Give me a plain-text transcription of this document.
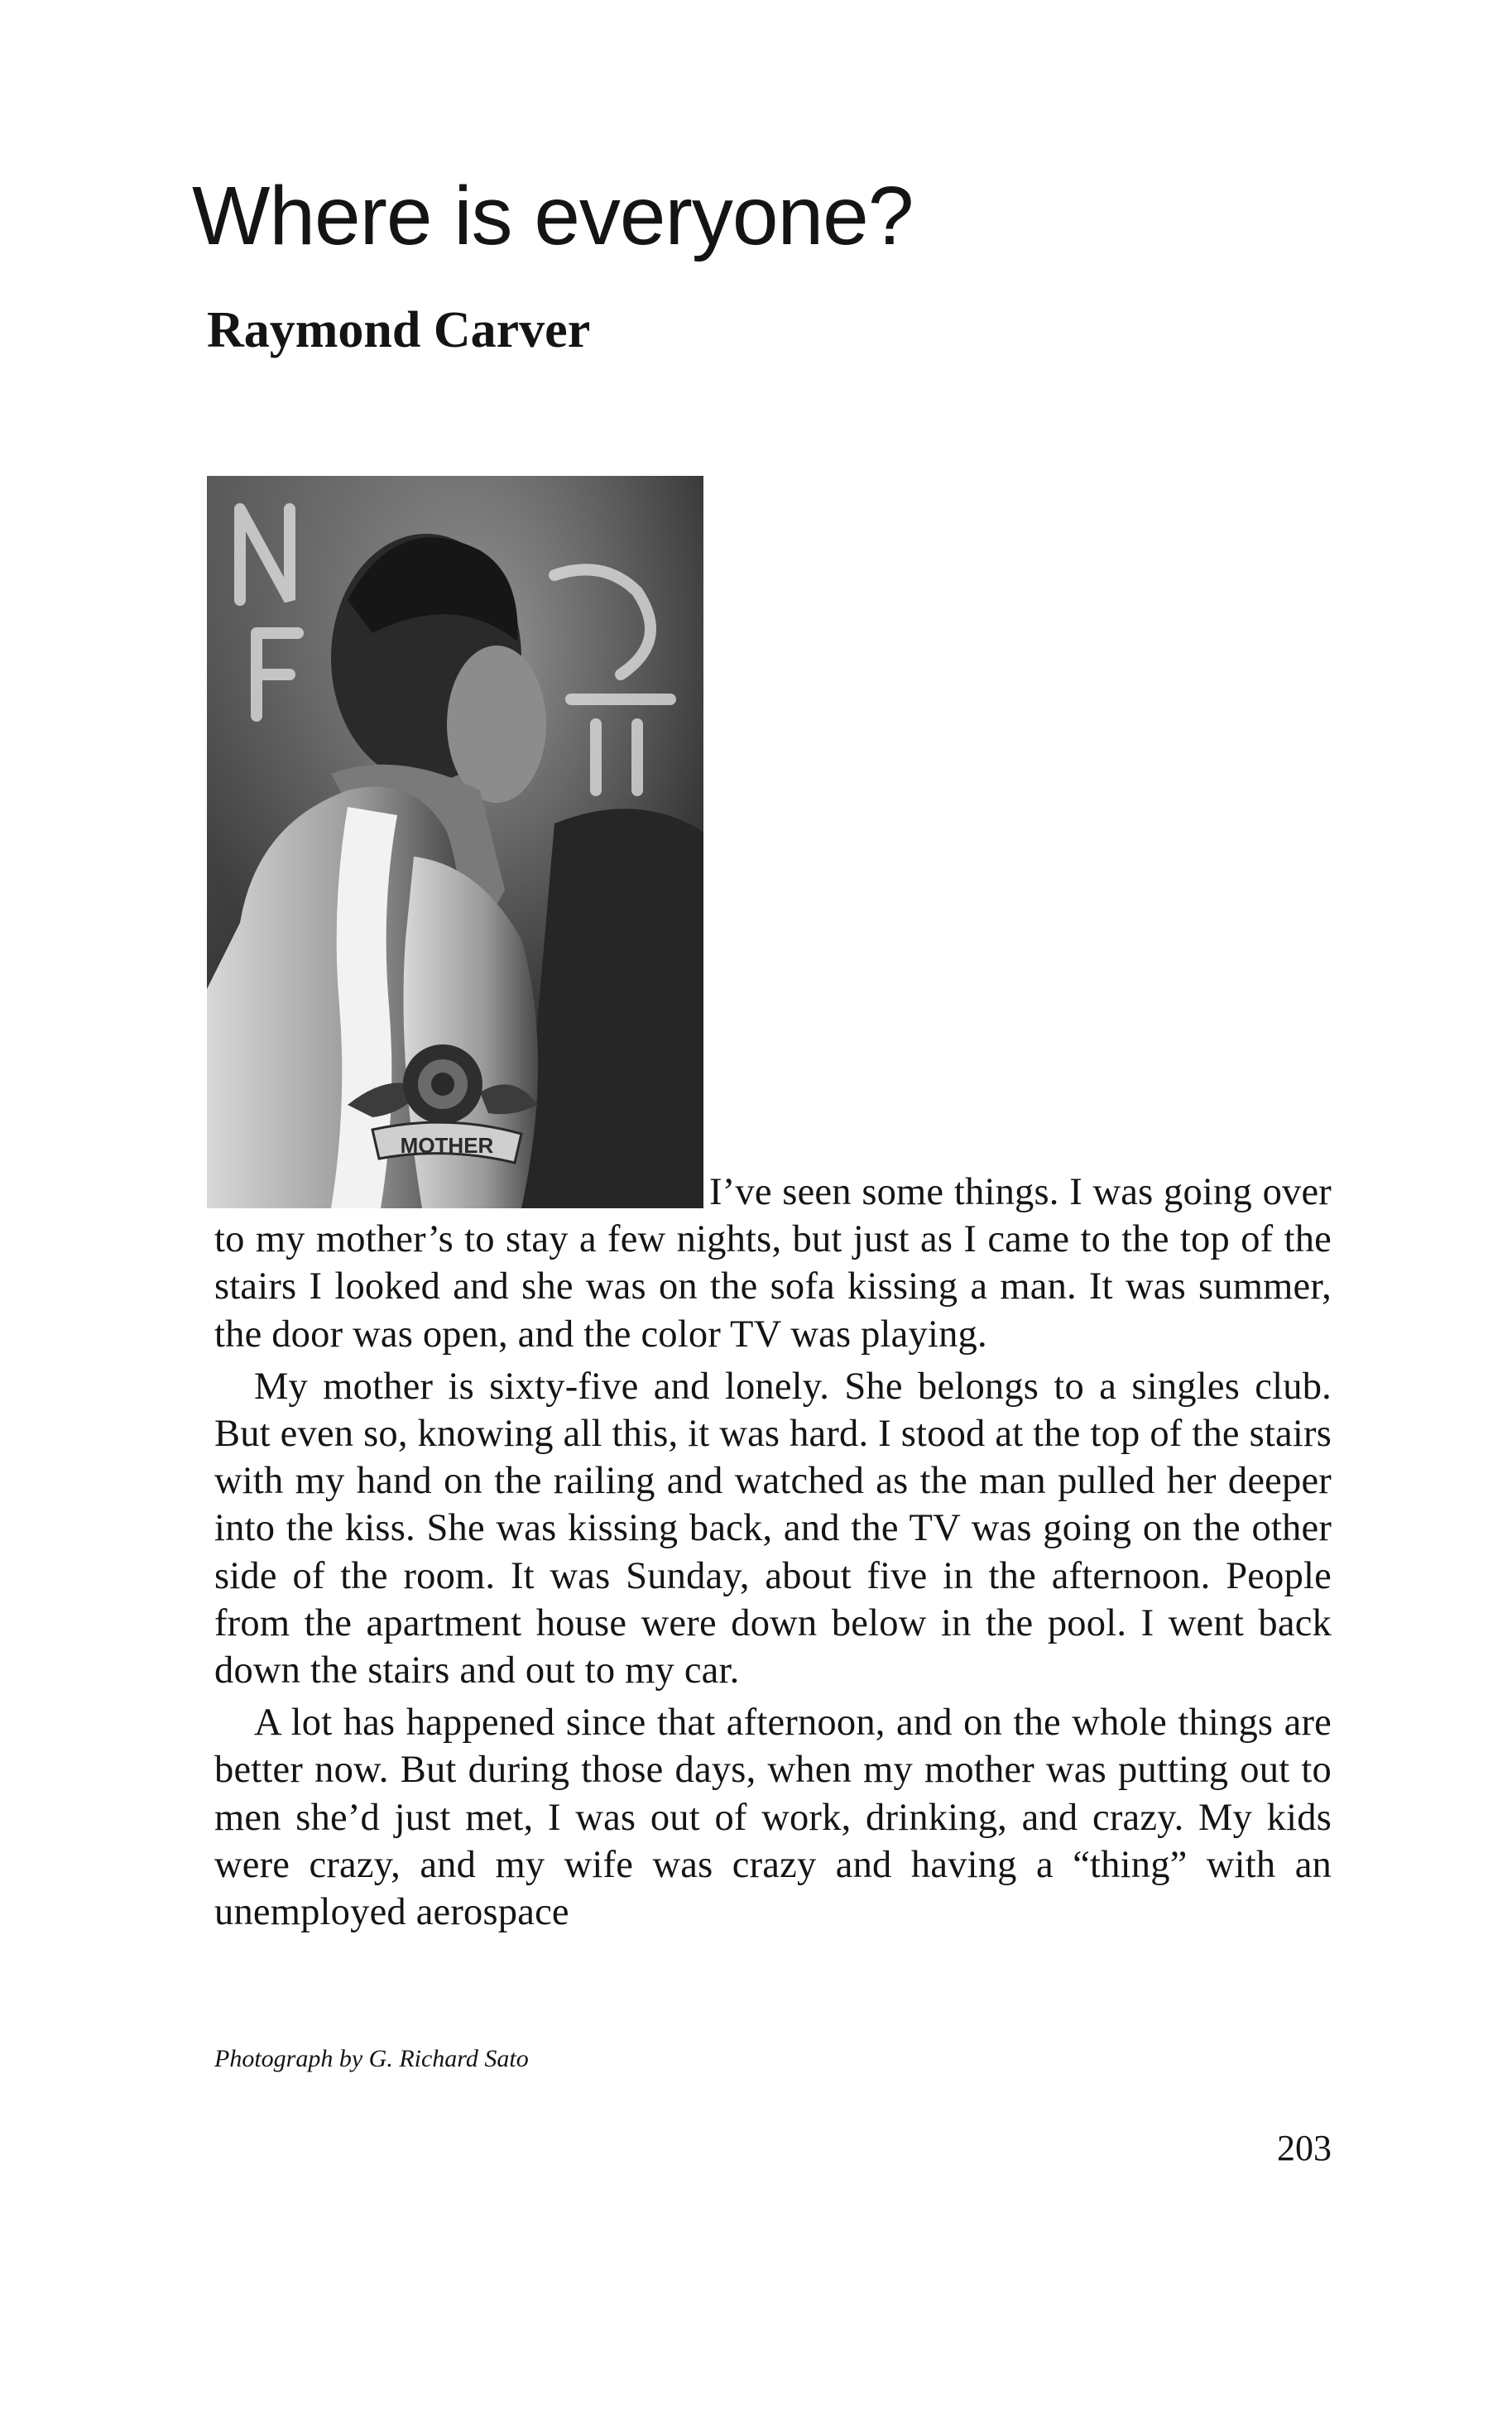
Where is everyone?
Raymond Carver
MOTHER

I’ve seen some things. I was going over to my mother’s to stay a few nights, but just as I came to the top of the stairs I looked and she was on the sofa kissing a man. It was summer, the door was open, and the color TV was playing.

My mother is sixty-five and lonely. She belongs to a singles club. But even so, knowing all this, it was hard. I stood at the top of the stairs with my hand on the railing and watched as the man pulled her deeper into the kiss. She was kissing back, and the TV was going on the other side of the room. It was Sunday, about five in the afternoon. People from the apartment house were down below in the pool. I went back down the stairs and out to my car.

A lot has happened since that afternoon, and on the whole things are better now. But during those days, when my mother was putting out to men she’d just met, I was out of work, drinking, and crazy. My kids were crazy, and my wife was crazy and having a “thing” with an unemployed aerospace

Photograph by G. Richard Sato
203
